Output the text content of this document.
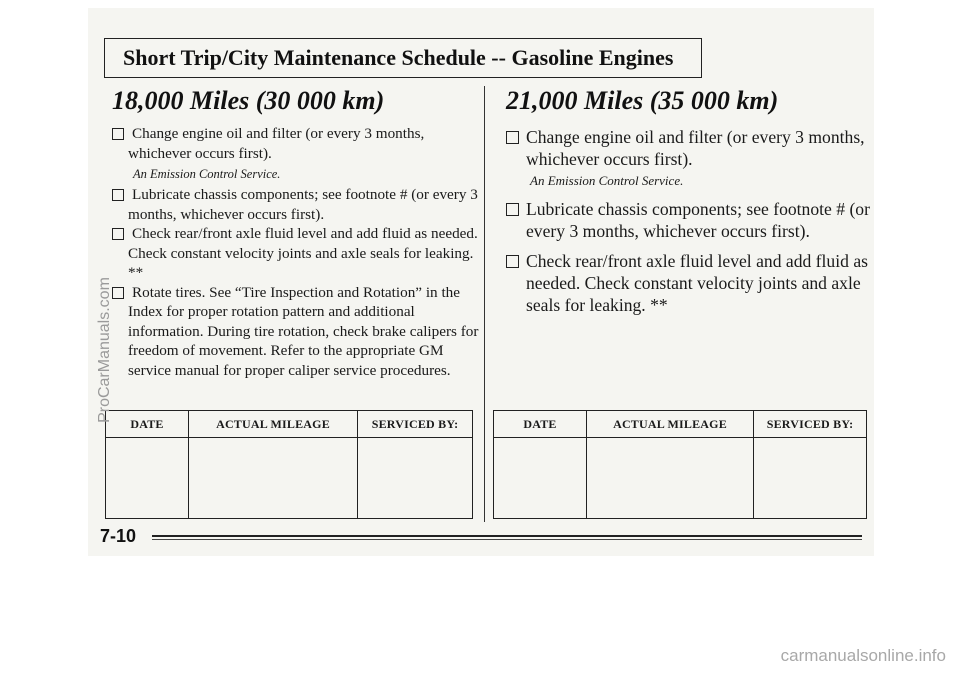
Short Trip/City Maintenance Schedule -- Gasoline Engines

18,000 Miles (30 000 km)

Change engine oil and filter (or every 3 months, whichever occurs first).

An Emission Control Service.

Lubricate chassis components; see footnote # (or every 3 months, whichever occurs first).

Check rear/front axle fluid level and add fluid as needed. Check constant velocity joints and axle seals for leaking. **

Rotate tires. See “Tire Inspection and Rotation” in the Index for proper rotation pattern and additional information. During tire rotation, check brake calipers for freedom of movement. Refer to the appropriate GM service manual for proper caliper service procedures.

21,000 Miles (35 000 km)

Change engine oil and filter (or every 3 months, whichever occurs first).

An Emission Control Service.

Lubricate chassis components; see footnote # (or every 3 months, whichever occurs first).

Check rear/front axle fluid level and add fluid as needed. Check constant velocity joints and axle seals for leaking. **

DATE	ACTUAL MILEAGE	SERVICED BY:
			DATE	ACTUAL MILEAGE	SERVICED BY:

7-10
ProCarManuals.com
carmanualsonline.info
